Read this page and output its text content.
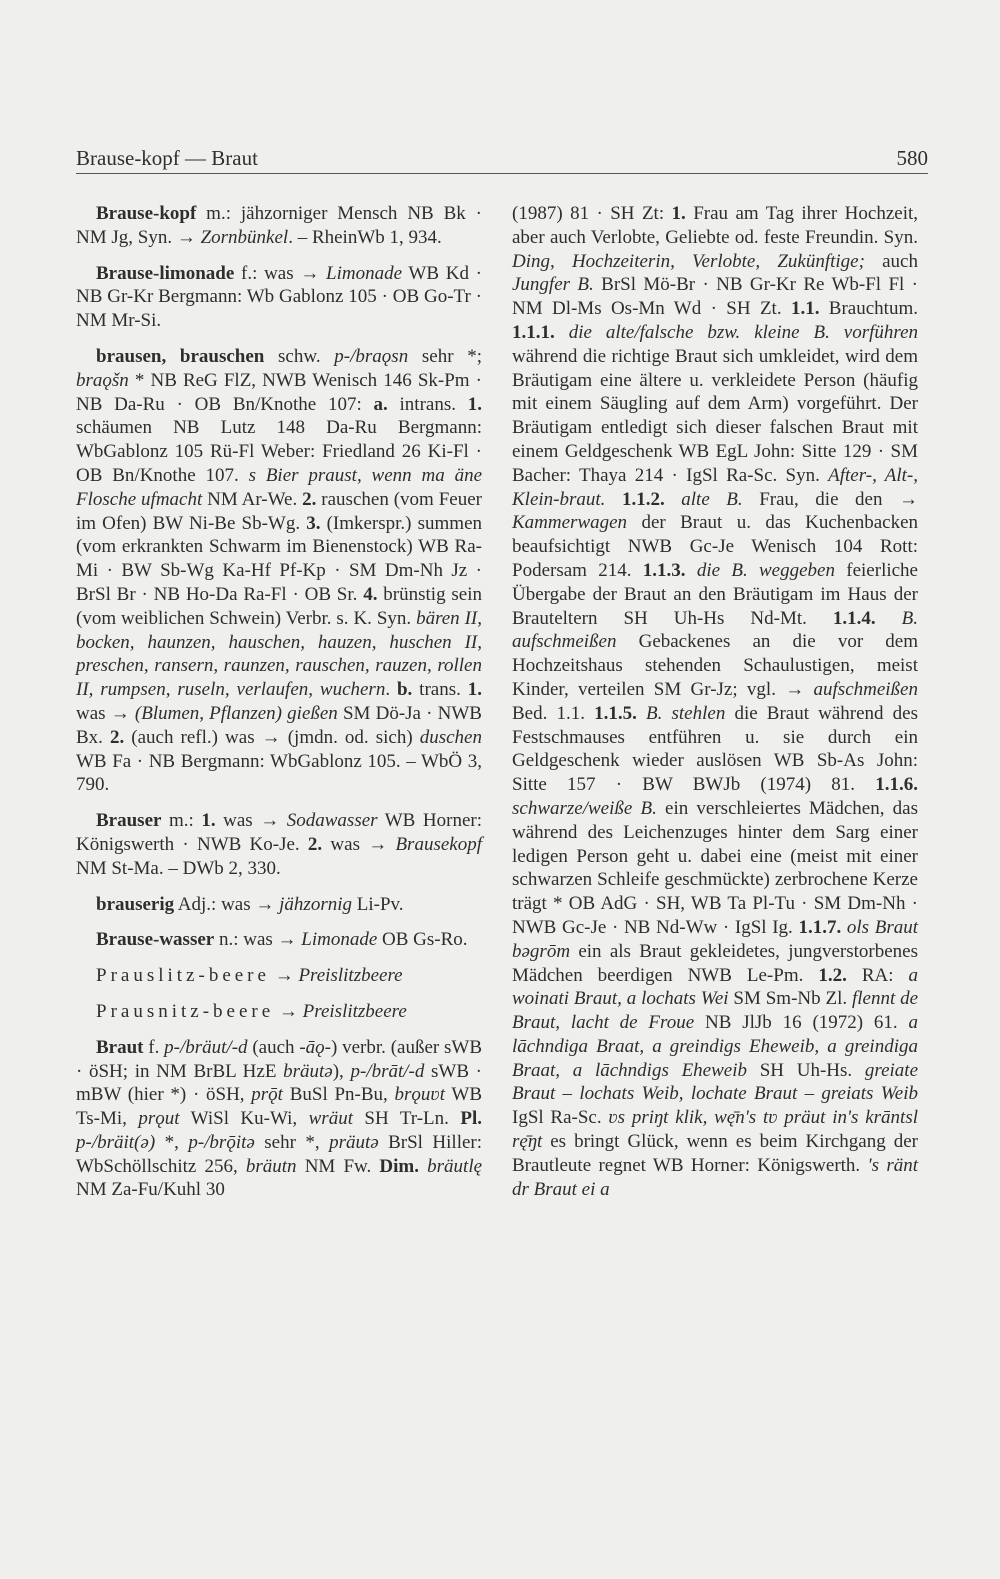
Brause-kopf — Braut	580

Brause-kopf m.: jähzorniger Mensch NB Bk · NM Jg, Syn. → Zornbünkel. – RheinWb 1, 934.

Brause-limonade f.: was → Limonade WB Kd · NB Gr-Kr Bergmann: Wb Gablonz 105 · OB Go-Tr · NM Mr-Si.

brausen, brauschen schw. p-/braǫsn sehr *; braǫšn * NB ReG FlZ, NWB Wenisch 146 Sk-Pm · NB Da-Ru · OB Bn/Knothe 107: a. intrans. 1. schäumen NB Lutz 148 Da-Ru Bergmann: WbGablonz 105 Rü-Fl Weber: Friedland 26 Ki-Fl · OB Bn/Knothe 107. s Bier praust, wenn ma äne Flosche ufmacht NM Ar-We. 2. rauschen (vom Feuer im Ofen) BW Ni-Be Sb-Wg. 3. (Imkerspr.) summen (vom erkrankten Schwarm im Bienenstock) WB Ra-Mi · BW Sb-Wg Ka-Hf Pf-Kp · SM Dm-Nh Jz · BrSl Br · NB Ho-Da Ra-Fl · OB Sr. 4. brünstig sein (vom weiblichen Schwein) Verbr. s. K. Syn. bären II, bocken, haunzen, hauschen, hauzen, huschen II, preschen, ransern, raunzen, rauschen, rauzen, rollen II, rumpsen, ruseln, verlaufen, wuchern. b. trans. 1. was → (Blumen, Pflanzen) gießen SM Dö-Ja · NWB Bx. 2. (auch refl.) was → (jmdn. od. sich) duschen WB Fa · NB Bergmann: WbGablonz 105. – WbÖ 3, 790.

Brauser m.: 1. was → Sodawasser WB Horner: Königswerth · NWB Ko-Je. 2. was → Brausekopf NM St-Ma. – DWb 2, 330.

brauserig Adj.: was → jähzornig Li-Pv.

Brause-wasser n.: was → Limonade OB Gs-Ro.

Prauslitz-beere → Preislitzbeere

Prausnitz-beere → Preislitzbeere

Braut f. p-/bräut/-d (auch -āǫ-) verbr. (außer sWB · öSH; in NM BrBL HzE bräutə), p-/brāt/-d sWB · mBW (hier *) · öSH, prǭt BuSl Pn-Bu, brǫuʋt WB Ts-Mi, prǫut WiSl Ku-Wi, wräut SH Tr-Ln. Pl. p-/bräit(ə) *, p-/brǭitə sehr *, präutə BrSl Hiller: WbSchöllschitz 256, bräutn NM Fw. Dim. bräutlę NM Za-Fu/Kuhl 30

(1987) 81 · SH Zt: 1. Frau am Tag ihrer Hochzeit, aber auch Verlobte, Geliebte od. feste Freundin. Syn. Ding, Hochzeiterin, Verlobte, Zukünftige; auch Jungfer B. BrSl Mö-Br · NB Gr-Kr Re Wb-Fl Fl · NM Dl-Ms Os-Mn Wd · SH Zt. 1.1. Brauchtum. 1.1.1. die alte/falsche bzw. kleine B. vorführen während die richtige Braut sich umkleidet, wird dem Bräutigam eine ältere u. verkleidete Person (häufig mit einem Säugling auf dem Arm) vorgeführt. Der Bräutigam entledigt sich dieser falschen Braut mit einem Geldgeschenk WB EgL John: Sitte 129 · SM Bacher: Thaya 214 · IgSl Ra-Sc. Syn. After-, Alt-, Klein-braut. 1.1.2. alte B. Frau, die den → Kammerwagen der Braut u. das Kuchenbacken beaufsichtigt NWB Gc-Je Wenisch 104 Rott: Podersam 214. 1.1.3. die B. weggeben feierliche Übergabe der Braut an den Bräutigam im Haus der Brauteltern SH Uh-Hs Nd-Mt. 1.1.4. B. aufschmeißen Gebackenes an die vor dem Hochzeitshaus stehenden Schaulustigen, meist Kinder, verteilen SM Gr-Jz; vgl. → aufschmeißen Bed. 1.1. 1.1.5. B. stehlen die Braut während des Festschmauses entführen u. sie durch ein Geldgeschenk wieder auslösen WB Sb-As John: Sitte 157 · BW BWJb (1974) 81. 1.1.6. schwarze/weiße B. ein verschleiertes Mädchen, das während des Leichenzuges hinter dem Sarg einer ledigen Person geht u. dabei eine (meist mit einer schwarzen Schleife geschmückte) zerbrochene Kerze trägt * OB AdG · SH, WB Ta Pl-Tu · SM Dm-Nh · NWB Gc-Je · NB Nd-Ww · IgSl Ig. 1.1.7. ols Braut bəgrōm ein als Braut gekleidetes, jungverstorbenes Mädchen beerdigen NWB Le-Pm. 1.2. RA: a woinati Braut, a lochats Wei SM Sm-Nb Zl. flennt de Braut, lacht de Froue NB JlJb 16 (1972) 61. a lāchndiga Braat, a greindigs Eheweib, a greindiga Braat, a lāchndigs Eheweib SH Uh-Hs. greiate Braut – lochats Weib, lochate Braut – greiats Weib IgSl Ra-Sc. ʋs priŋt klik, wę̄n's tʋ präut in's krāntsl rę̄ŋt es bringt Glück, wenn es beim Kirchgang der Brautleute regnet WB Horner: Königswerth. 's ränt dr Braut ei a
